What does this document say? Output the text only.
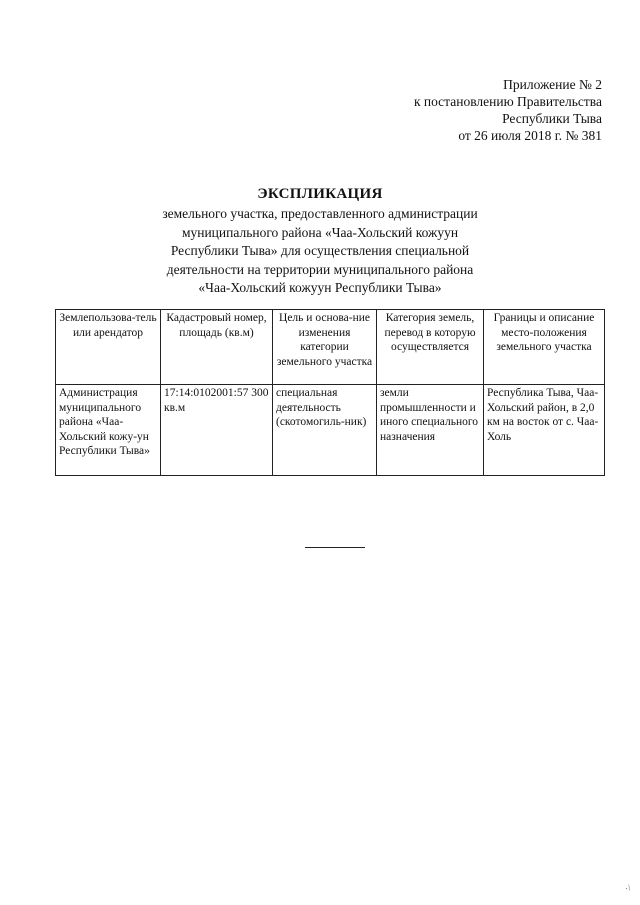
Приложение № 2
к постановлению Правительства
Республики Тыва
от 26 июля 2018 г. № 381
ЭКСПЛИКАЦИЯ
земельного участка, предоставленного администрации
муниципального района «Чаа-Хольский кожуун
Республики Тыва» для осуществления специальной
деятельности на территории муниципального района
«Чаа-Хольский кожуун Республики Тыва»
Землепользова-тель или арендатор	Кадастровый номер, площадь (кв.м)	Цель и основа-ние изменения категории земельного участка	Категория земель, перевод в которую осуществляется	Границы и описание место-положения земельного участка
Администрация муниципального района «Чаа-Хольский кожу-ун Республики Тыва»	17:14:0102001:57 300 кв.м	специальная деятельность (скотомогиль-ник)	земли промышленности и иного специального назначения	Республика Тыва, Чаа-Хольский район, в 2,0 км на восток от с. Чаа-Холь
·/
